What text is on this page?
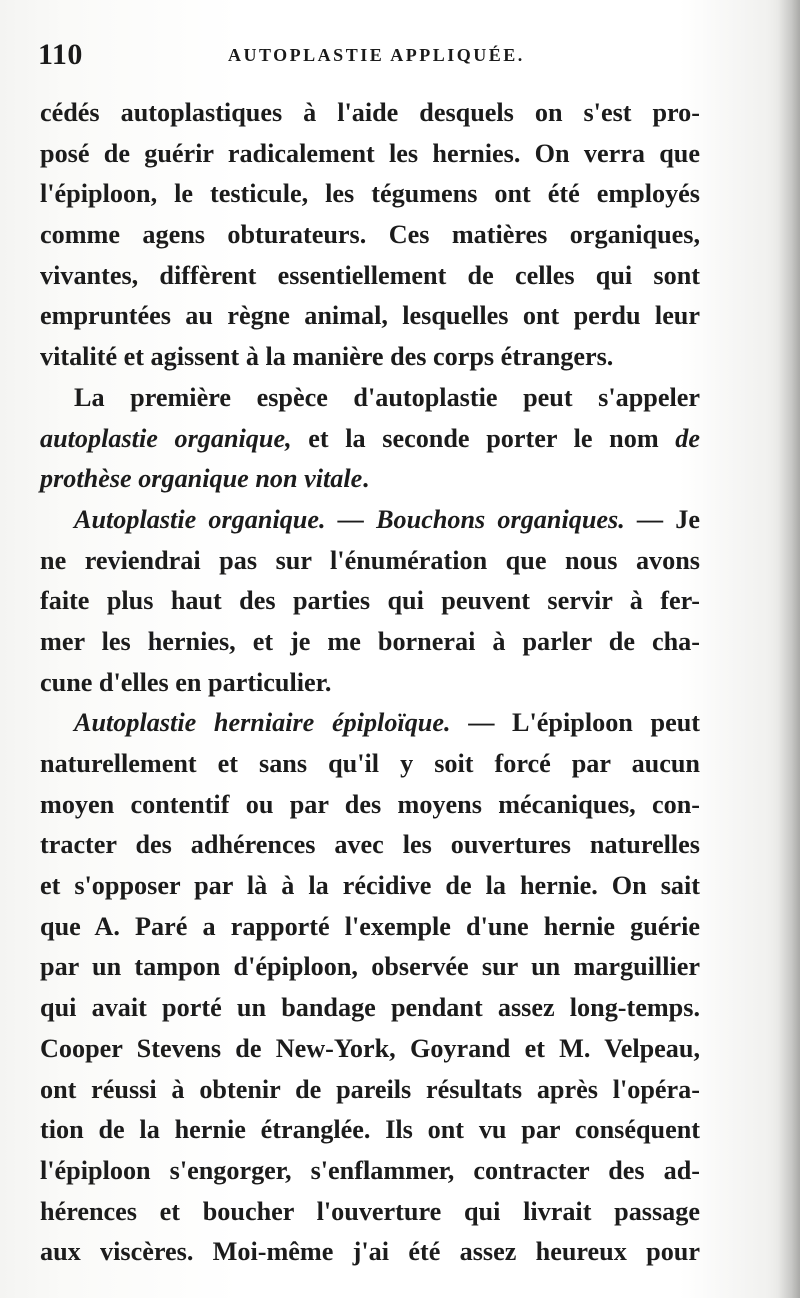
110	AUTOPLASTIE APPLIQUÉE.
cédés autoplastiques à l'aide desquels on s'est pro-
posé de guérir radicalement les hernies. On verra que
l'épiploon, le testicule, les tégumens ont été employés
comme agens obturateurs. Ces matières organiques,
vivantes, diffèrent essentiellement de celles qui sont
empruntées au règne animal, lesquelles ont perdu leur
vitalité et agissent à la manière des corps étrangers.
La première espèce d'autoplastie peut s'appeler
autoplastie organique, et la seconde porter le nom de
prothèse organique non vitale.
Autoplastie organique. — Bouchons organiques. — Je
ne reviendrai pas sur l'énumération que nous avons
faite plus haut des parties qui peuvent servir à fer-
mer les hernies, et je me bornerai à parler de cha-
cune d'elles en particulier.
Autoplastie herniaire épiploïque. — L'épiploon peut
naturellement et sans qu'il y soit forcé par aucun
moyen contentif ou par des moyens mécaniques, con-
tracter des adhérences avec les ouvertures naturelles
et s'opposer par là à la récidive de la hernie. On sait
que A. Paré a rapporté l'exemple d'une hernie guérie
par un tampon d'épiploon, observée sur un marguillier
qui avait porté un bandage pendant assez long-temps.
Cooper Stevens de New-York, Goyrand et M. Velpeau,
ont réussi à obtenir de pareils résultats après l'opéra-
tion de la hernie étranglée. Ils ont vu par conséquent
l'épiploon s'engorger, s'enflammer, contracter des ad-
hérences et boucher l'ouverture qui livrait passage
aux viscères. Moi-même j'ai été assez heureux pour
